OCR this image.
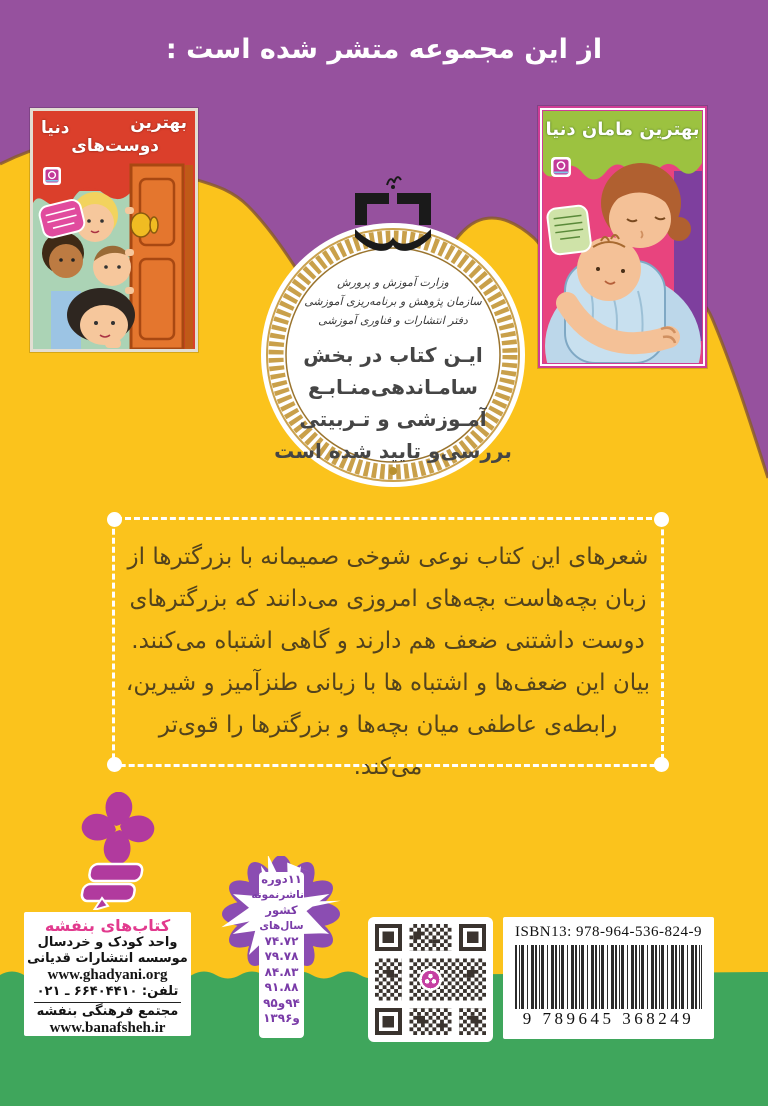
از این مجموعه متشر شده است :
بهترین
دنیا
دوست‌های
بهترین مامان دنیا
وزارت آموزش و پرورش
سازمان پژوهش و برنامه‌ریزی آموزشی
دفتر انتشارات و فناوری آموزشی
ایـن کتاب در بخش
سامـاندهی‌منـابـع
آمـوزشی و تـربیتی
بررسی‌و تایید شده است
شعرهای این کتاب نوعی شوخی صمیمانه با بزرگترها از
زبان بچه‌هاست بچه‌های امروزی می‌دانند که بزرگترهای
دوست داشتنی ضعف هم دارند و گاهی اشتباه می‌کنند.
بیان این ضعف‌ها و اشتباه ها با زبانی طنزآمیز و شیرین،
رابطه‌ی عاطفی میان بچه‌ها و بزرگترها را قوی‌تر می‌کند.
کتاب‌های بنفشه
واحد کودک و خردسال
موسسه انتشارات قدیانی
www.ghadyani.org
تلفن: ۶۶۴۰۴۴۱۰ ـ ۰۲۱
مجتمع فرهنگی بنفشه
www.banafsheh.ir
۱۱دوره
ناشرنمونه
کشور
سال‌های
۷۴.۷۲
۷۹.۷۸
۸۴.۸۳
۹۱.۸۸
۹۴و۹۵
و۱۳۹۶
ISBN13: 978-964-536-824-9
9 789645 368249
